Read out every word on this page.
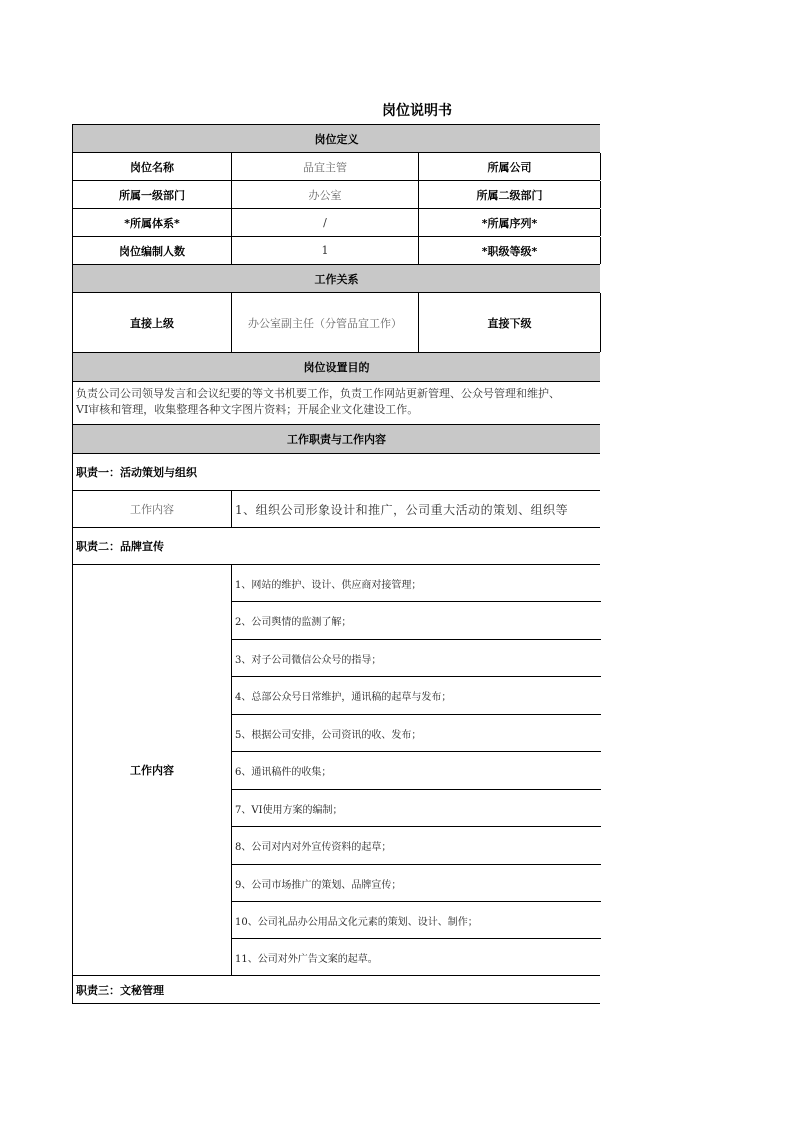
岗位说明书
岗位定义
岗位名称	品宜主管	所属公司
所属一级部门	办公室	所属二级部门
*所属体系*	/	*所属序列*
岗位编制人数	1	*职级等级*
工作关系
直接上级	办公室副主任（分管品宜工作）	直接下级
岗位设置目的
负责公司公司领导发言和会议纪要的等文书机要工作，负责工作网站更新管理、公众号管理和维护、
VI审核和管理，收集整理各种文字图片资料；开展企业文化建设工作。
工作职责与工作内容
职责一：活动策划与组织
工作内容	1、组织公司形象设计和推广，公司重大活动的策划、组织等
职责二：品牌宣传
工作内容
1、网站的维护、设计、供应商对接管理；
2、公司舆情的监测了解；
3、对子公司微信公众号的指导；
4、总部公众号日常维护，通讯稿的起草与发布；
5、根据公司安排，公司资讯的收、发布；
6、通讯稿件的收集；
7、VI使用方案的编制；
8、公司对内对外宣传资料的起草；
9、公司市场推广的策划、品牌宣传；
10、公司礼品办公用品文化元素的策划、设计、制作；
11、公司对外广告文案的起草。
职责三：文秘管理
